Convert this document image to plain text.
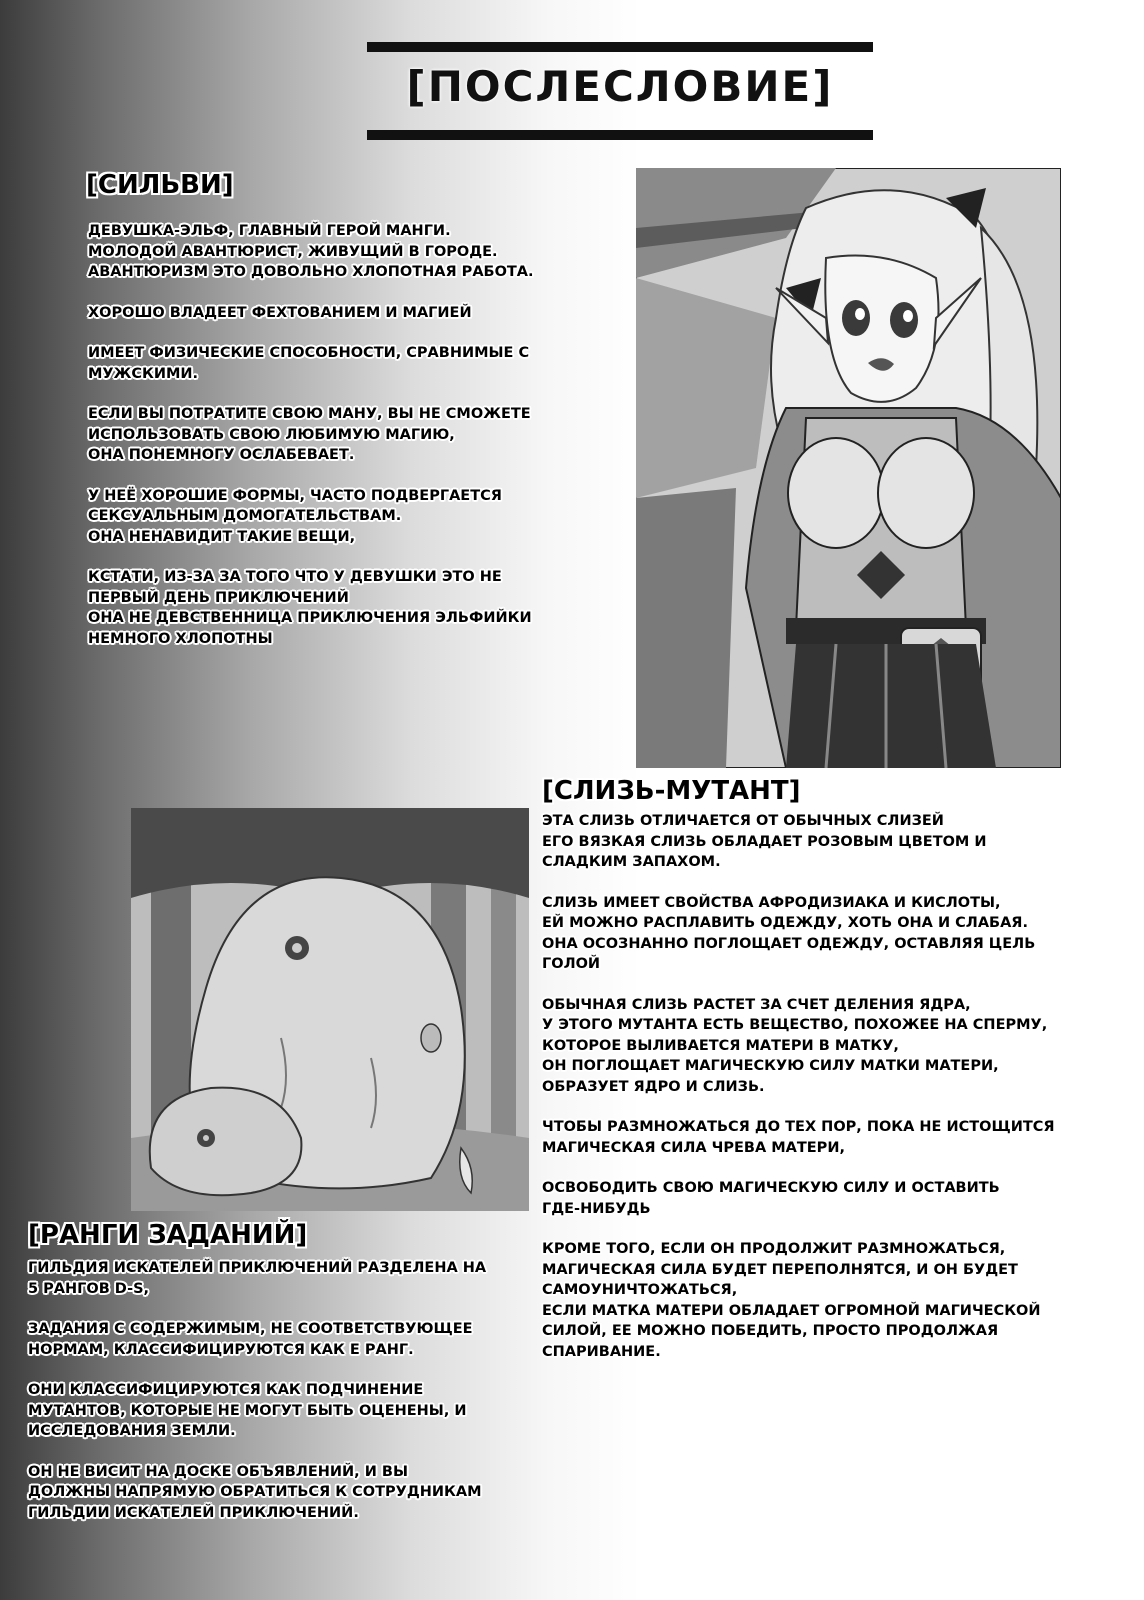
[ПОСЛЕСЛОВИЕ]
[СИЛЬВИ]

ДЕВУШКА-ЭЛЬФ, ГЛАВНЫЙ ГЕРОЙ МАНГИ.
МОЛОДОЙ АВАНТЮРИСТ, ЖИВУЩИЙ В ГОРОДЕ.
АВАНТЮРИЗМ ЭТО ДОВОЛЬНО ХЛОПОТНАЯ РАБОТА.

ХОРОШО ВЛАДЕЕТ ФЕХТОВАНИЕМ И МАГИЕЙ

ИМЕЕТ ФИЗИЧЕСКИЕ СПОСОБНОСТИ, СРАВНИМЫЕ С
МУЖСКИМИ.

ЕСЛИ ВЫ ПОТРАТИТЕ СВОЮ МАНУ, ВЫ НЕ СМОЖЕТЕ
ИСПОЛЬЗОВАТЬ СВОЮ ЛЮБИМУЮ МАГИЮ,
ОНА ПОНЕМНОГУ ОСЛАБЕВАЕТ.

У НЕЁ ХОРОШИЕ ФОРМЫ, ЧАСТО ПОДВЕРГАЕТСЯ
СЕКСУАЛЬНЫМ ДОМОГАТЕЛЬСТВАМ.
ОНА НЕНАВИДИТ ТАКИЕ ВЕЩИ,

КСТАТИ, ИЗ-ЗА ЗА ТОГО ЧТО У ДЕВУШКИ ЭТО НЕ
ПЕРВЫЙ ДЕНЬ ПРИКЛЮЧЕНИЙ
ОНА НЕ ДЕВСТВЕННИЦА ПРИКЛЮЧЕНИЯ ЭЛЬФИЙКИ
НЕМНОГО ХЛОПОТНЫ

[СЛИЗЬ-МУТАНТ]

ЭТА СЛИЗЬ ОТЛИЧАЕТСЯ ОТ ОБЫЧНЫХ СЛИЗЕЙ
ЕГО ВЯЗКАЯ СЛИЗЬ ОБЛАДАЕТ РОЗОВЫМ ЦВЕТОМ И
СЛАДКИМ ЗАПАХОМ.

СЛИЗЬ ИМЕЕТ СВОЙСТВА АФРОДИЗИАКА И КИСЛОТЫ,
ЕЙ МОЖНО РАСПЛАВИТЬ ОДЕЖДУ, ХОТЬ ОНА И СЛАБАЯ.
ОНА ОСОЗНАННО ПОГЛОЩАЕТ ОДЕЖДУ, ОСТАВЛЯЯ ЦЕЛЬ
ГОЛОЙ

ОБЫЧНАЯ СЛИЗЬ РАСТЕТ ЗА СЧЕТ ДЕЛЕНИЯ ЯДРА,
У ЭТОГО МУТАНТА ЕСТЬ ВЕЩЕСТВО, ПОХОЖЕЕ НА СПЕРМУ,
КОТОРОЕ ВЫЛИВАЕТСЯ МАТЕРИ В МАТКУ,
ОН ПОГЛОЩАЕТ МАГИЧЕСКУЮ СИЛУ МАТКИ МАТЕРИ,
ОБРАЗУЕТ ЯДРО И СЛИЗЬ.

ЧТОБЫ РАЗМНОЖАТЬСЯ ДО ТЕХ ПОР, ПОКА НЕ ИСТОЩИТСЯ
МАГИЧЕСКАЯ СИЛА ЧРЕВА МАТЕРИ,

ОСВОБОДИТЬ СВОЮ МАГИЧЕСКУЮ СИЛУ И ОСТАВИТЬ
ГДЕ-НИБУДЬ

КРОМЕ ТОГО, ЕСЛИ ОН ПРОДОЛЖИТ РАЗМНОЖАТЬСЯ,
МАГИЧЕСКАЯ СИЛА БУДЕТ ПЕРЕПОЛНЯТСЯ, И ОН БУДЕТ
САМОУНИЧТОЖАТЬСЯ,
ЕСЛИ МАТКА МАТЕРИ ОБЛАДАЕТ ОГРОМНОЙ МАГИЧЕСКОЙ
СИЛОЙ, ЕЕ МОЖНО ПОБЕДИТЬ, ПРОСТО ПРОДОЛЖАЯ
СПАРИВАНИЕ.

[РАНГИ ЗАДАНИЙ]

ГИЛЬДИЯ ИСКАТЕЛЕЙ ПРИКЛЮЧЕНИЙ РАЗДЕЛЕНА НА
5 РАНГОВ D-S,

ЗАДАНИЯ С СОДЕРЖИМЫМ, НЕ СООТВЕТСТВУЮЩЕЕ
НОРМАМ, КЛАССИФИЦИРУЮТСЯ КАК E РАНГ.

ОНИ КЛАССИФИЦИРУЮТСЯ КАК ПОДЧИНЕНИЕ
МУТАНТОВ, КОТОРЫЕ НЕ МОГУТ БЫТЬ ОЦЕНЕНЫ, И
ИССЛЕДОВАНИЯ ЗЕМЛИ.

ОН НЕ ВИСИТ НА ДОСКЕ ОБЪЯВЛЕНИЙ, И ВЫ
ДОЛЖНЫ НАПРЯМУЮ ОБРАТИТЬСЯ К СОТРУДНИКАМ
ГИЛЬДИИ ИСКАТЕЛЕЙ ПРИКЛЮЧЕНИЙ.
